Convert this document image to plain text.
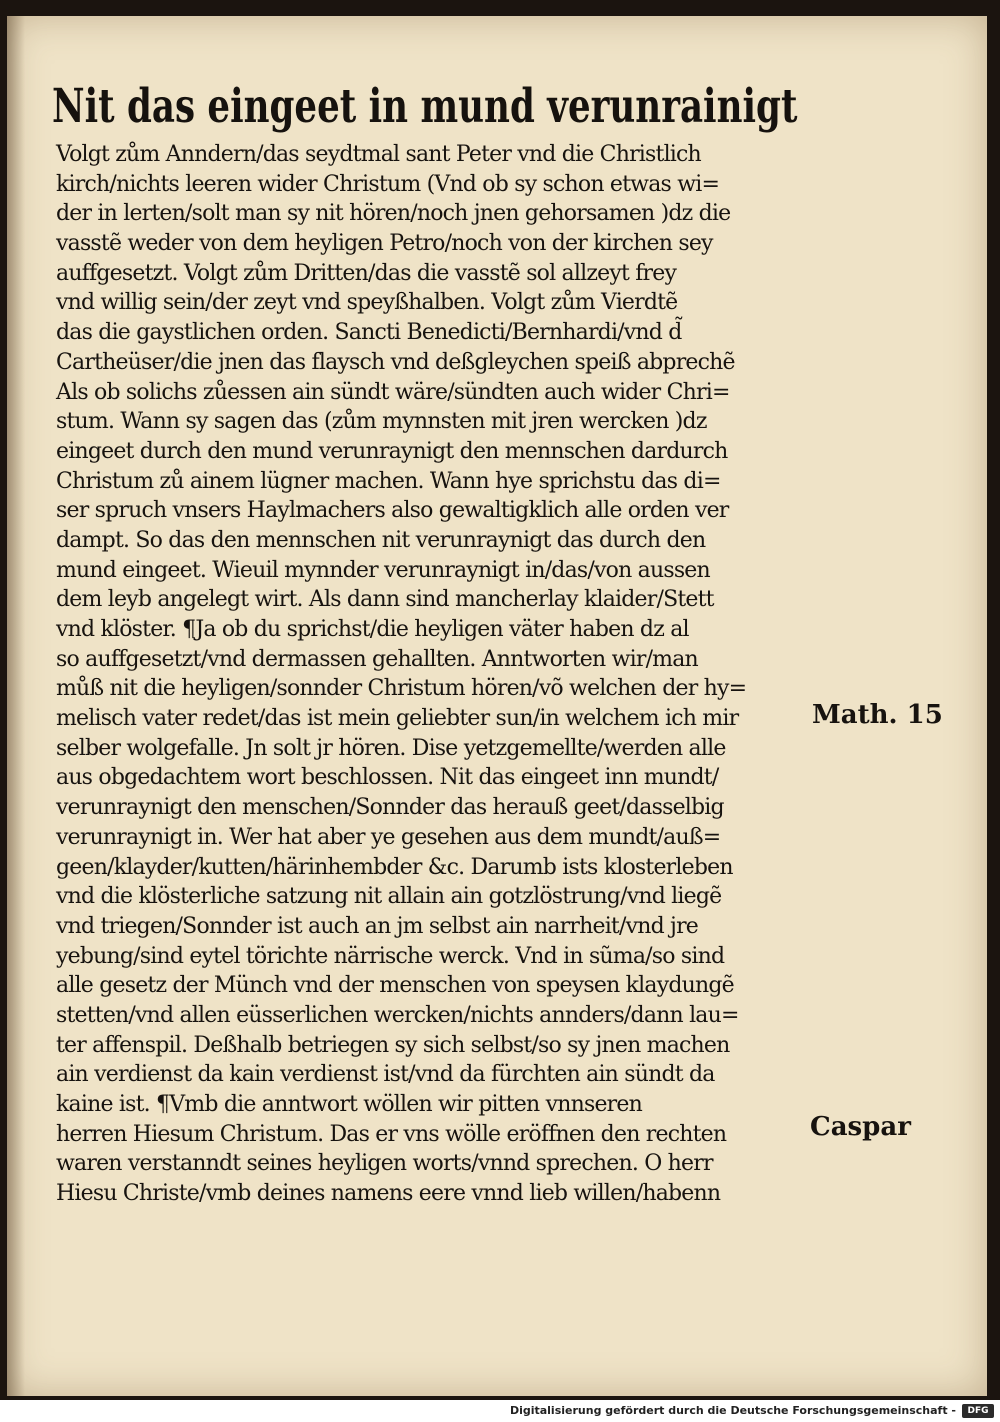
Nit das eingeet in mund verunrainigt
Volgt zům Anndern/das seydtmal sant Peter vnd die Christlich
kirch/nichts leeren wider Christum (Vnd ob sy schon etwas wi=
der in lerten/solt man sy nit hören/noch jnen gehorsamen )dz die
vasstẽ weder von dem heyligen Petro/noch von der kirchen sey
auffgesetzt. Volgt zům Dritten/das die vasstẽ sol allzeyt frey
vnd willig sein/der zeyt vnd speyßhalben. Volgt zům Vierdtẽ
das die gaystlichen orden. Sancti Benedicti/Bernhardi/vnd d̃
Cartheüser/die jnen das flaysch vnd deßgleychen speiß abprechẽ
Als ob solichs zůessen ain sündt wäre/sündten auch wider Chri=
stum. Wann sy sagen das (zům mynnsten mit jren wercken )dz
eingeet durch den mund verunraynigt den mennschen dardurch
Christum zů ainem lügner machen. Wann hye sprichstu das di=
ser spruch vnsers Haylmachers also gewaltigklich alle orden ver
dampt. So das den mennschen nit verunraynigt das durch den
mund eingeet. Wieuil mynnder verunraynigt in/das/von aussen
dem leyb angelegt wirt. Als dann sind mancherlay klaider/Stett
vnd klöster. ¶Ja ob du sprichst/die heyligen väter haben dz al
so auffgesetzt/vnd dermassen gehallten. Anntworten wir/man
můß nit die heyligen/sonnder Christum hören/võ welchen der hy=
melisch vater redet/das ist mein geliebter sun/in welchem ich mir
selber wolgefalle. Jn solt jr hören. Dise yetzgemellte/werden alle
aus obgedachtem wort beschlossen. Nit das eingeet inn mundt/
verunraynigt den menschen/Sonnder das herauß geet/dasselbig
verunraynigt in. Wer hat aber ye gesehen aus dem mundt/auß=
geen/klayder/kutten/härinhembder &c. Darumb ists klosterleben
vnd die klösterliche satzung nit allain ain gotzlöstrung/vnd liegẽ
vnd triegen/Sonnder ist auch an jm selbst ain narrheit/vnd jre
yebung/sind eytel törichte närrische werck. Vnd in sũma/so sind
alle gesetz der Münch vnd der menschen von speysen klaydungẽ
stetten/vnd allen eüsserlichen wercken/nichts annders/dann lau=
ter affenspil. Deßhalb betriegen sy sich selbst/so sy jnen machen
ain verdienst da kain verdienst ist/vnd da fürchten ain sündt da
kaine ist. ¶Vmb die anntwort wöllen wir pitten vnnseren
herren Hiesum Christum. Das er vns wölle eröffnen den rechten
waren verstanndt seines heyligen worts/vnnd sprechen. O herr
Hiesu Christe/vmb deines namens eere vnnd lieb willen/habenn
Math. 15
Caspar
Digitalisierung gefördert durch die Deutsche Forschungsgemeinschaft -	DFG
